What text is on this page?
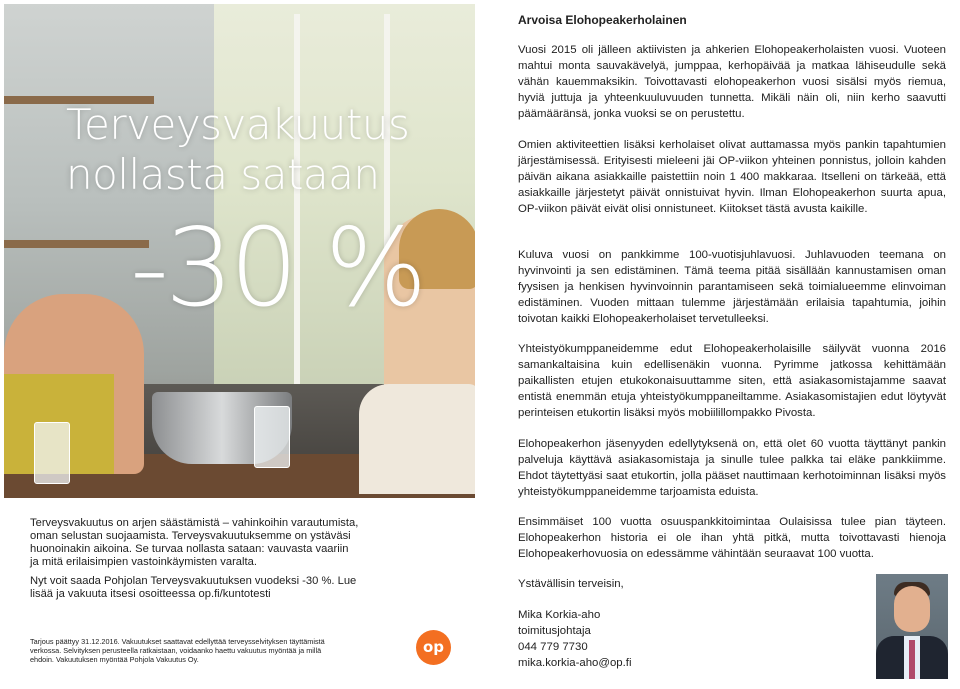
Terveysvakuutus
nollasta sataan
-30 %

Terveysvakuutus on arjen säästämistä – vahinkoihin varautumista, oman selustan suojaamista. Terveysvakuutuksemme on ystäväsi huonoinakin aikoina. Se turvaa nollasta sataan: vauvasta vaariin ja mitä erilaisimpien vastoinkäymisten varalta.

Nyt voit saada Pohjolan Terveysvakuutuksen vuodeksi -30 %. Lue lisää ja vakuuta itsesi osoitteessa op.fi/kuntotesti

Tarjous päättyy 31.12.2016. Vakuutukset saattavat edellyttää terveysselvityksen täyttämistä verkossa. Selvityksen perusteella ratkaistaan, voidaanko haettu vakuutus myöntää ja millä ehdoin. Vakuutuksen myöntää Pohjola Vakuutus Oy.

op
Arvoisa Elohopeakerholainen

Vuosi 2015 oli jälleen aktiivisten ja ahkerien Elohopeakerholaisten vuosi. Vuoteen mahtui monta sauvakävelyä, jumppaa, kerhopäivää ja matkaa lähiseudulle sekä vähän kauemmaksikin. Toivottavasti elohopeakerhon vuosi sisälsi myös riemua, hyviä juttuja ja yhteenkuuluvuuden tunnetta. Mikäli näin oli, niin kerho saavutti päämääränsä, jonka vuoksi se on perustettu.

Omien aktiviteettien lisäksi kerholaiset olivat auttamassa myös pankin tapahtumien järjestämisessä. Erityisesti mieleeni jäi OP-viikon yhteinen ponnistus, jolloin kahden päivän aikana asiakkaille paistettiin noin 1 400 makkaraa. Itselleni on tärkeää, että asiakkaille järjestetyt päivät onnistuivat hyvin. Ilman Elohopeakerhon suurta apua, OP-viikon päivät eivät olisi onnistuneet. Kiitokset tästä avusta kaikille.

Kuluva vuosi on pankkimme 100-vuotisjuhlavuosi. Juhlavuoden teemana on hyvinvointi ja sen edistäminen. Tämä teema pitää sisällään kannustamisen oman fyysisen ja henkisen hyvinvoinnin parantamiseen sekä toimialueemme elinvoiman edistäminen. Vuoden mittaan tulemme järjestämään erilaisia tapahtumia, joihin toivotan kaikki Elohopeakerholaiset tervetulleeksi.

Yhteistyökumppaneidemme edut Elohopeakerholaisille säilyvät vuonna 2016 samankaltaisina kuin edellisenäkin vuonna. Pyrimme jatkossa kehittämään paikallisten etujen etukokonaisuuttamme siten, että asiakasomistajamme saavat entistä enemmän etuja yhteistyökumppaneiltamme. Asiakasomistajien edut löytyvät perinteisen etukortin lisäksi myös mobiilillompakko Pivosta.

Elohopeakerhon jäsenyyden edellytyksenä on, että olet 60 vuotta täyttänyt pankin palveluja käyttävä asiakasomistaja ja sinulle tulee palkka tai eläke pankkiimme. Ehdot täytettyäsi saat etukortin, jolla pääset nauttimaan kerhotoiminnan lisäksi myös yhteistyökumppaneidemme tarjoamista eduista.

Ensimmäiset 100 vuotta osuuspankkitoimintaa Oulaisissa tulee pian täyteen. Elohopeakerhon historia ei ole ihan yhtä pitkä, mutta toivottavasti hienoja Elohopeakerhovuosia on edessämme vähintään seuraavat 100 vuotta.

Ystävällisin terveisin,

Mika Korkia-aho

toimitusjohtaja

044 779 7730

mika.korkia-aho@op.fi
